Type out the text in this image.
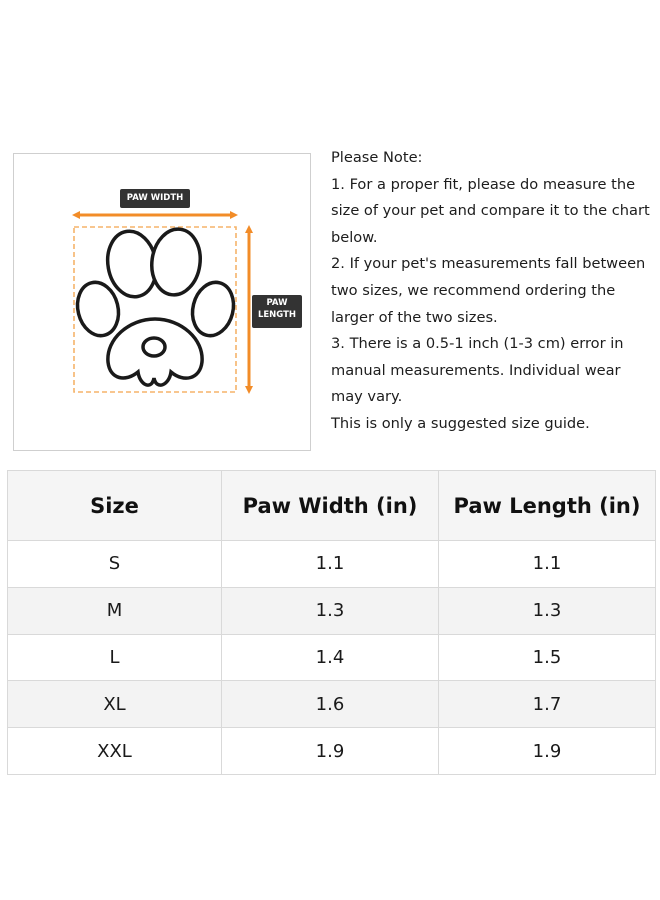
PAW WIDTH
PAW
LENGTH
Please Note:
1. For a proper fit, please do measure the
size of your pet and compare it to the chart
below.
2. If your pet's measurements fall between
two sizes, we recommend ordering the
larger of the two sizes.
3. There is a 0.5-1 inch (1-3 cm) error in
manual measurements. Individual wear
may vary.
This is only a suggested size guide.
Size	Paw Width (in)	Paw Length (in)
S	1.1	1.1
M	1.3	1.3
L	1.4	1.5
XL	1.6	1.7
XXL	1.9	1.9
